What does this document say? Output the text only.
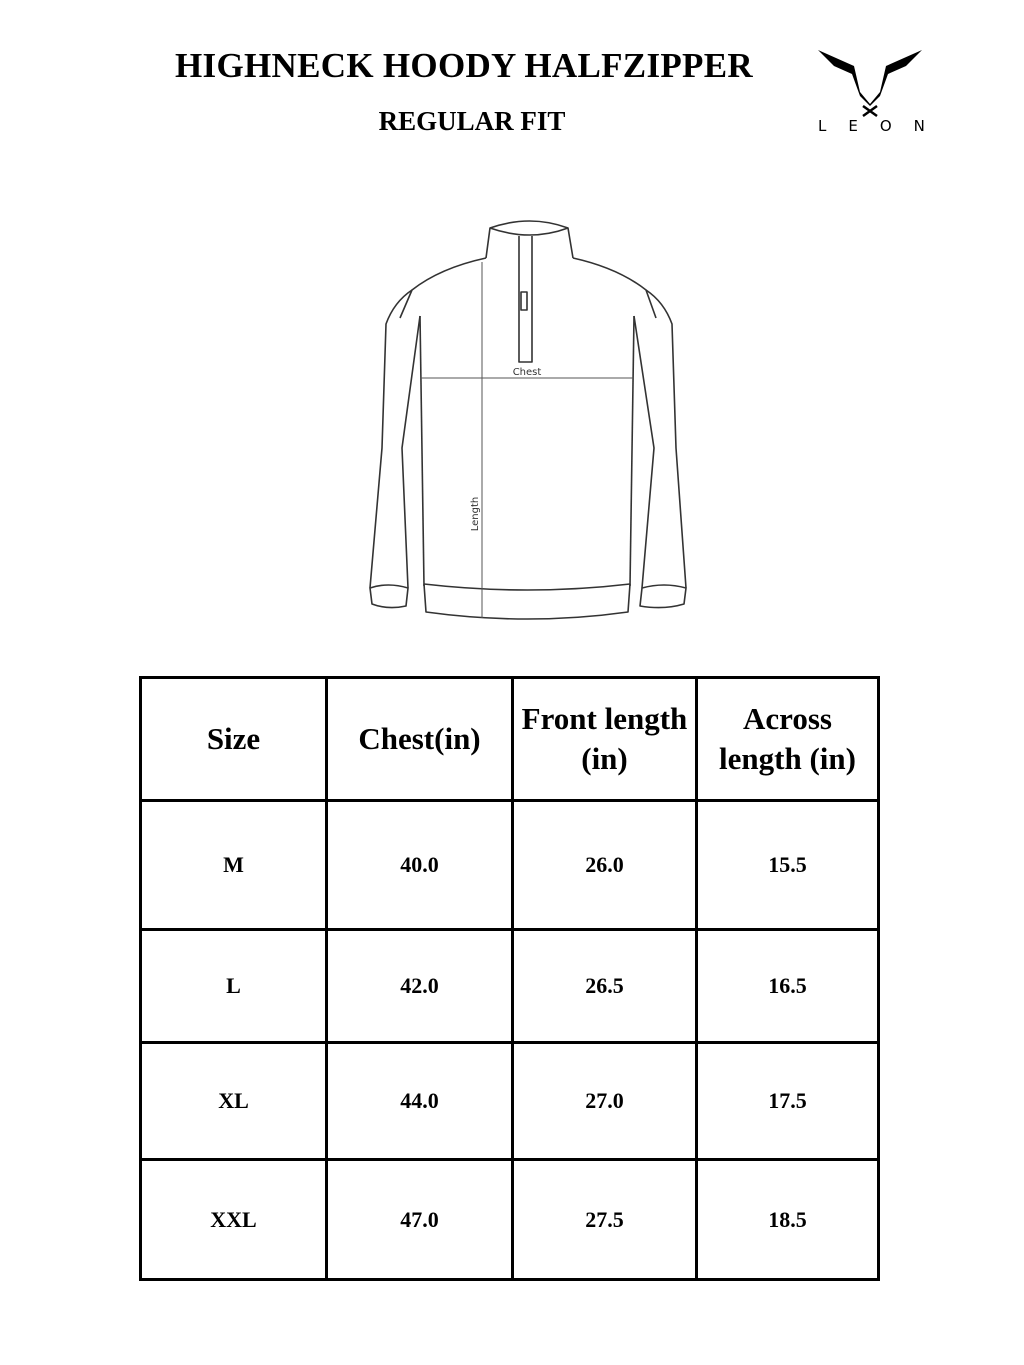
HIGHNECK HOODY HALFZIPPER
REGULAR FIT	LEON
Chest
Length
Size	Chest(in)	Front length (in)	Across length (in)
M	40.0	26.0	15.5
L	42.0	26.5	16.5
XL	44.0	27.0	17.5
XXL	47.0	27.5	18.5
